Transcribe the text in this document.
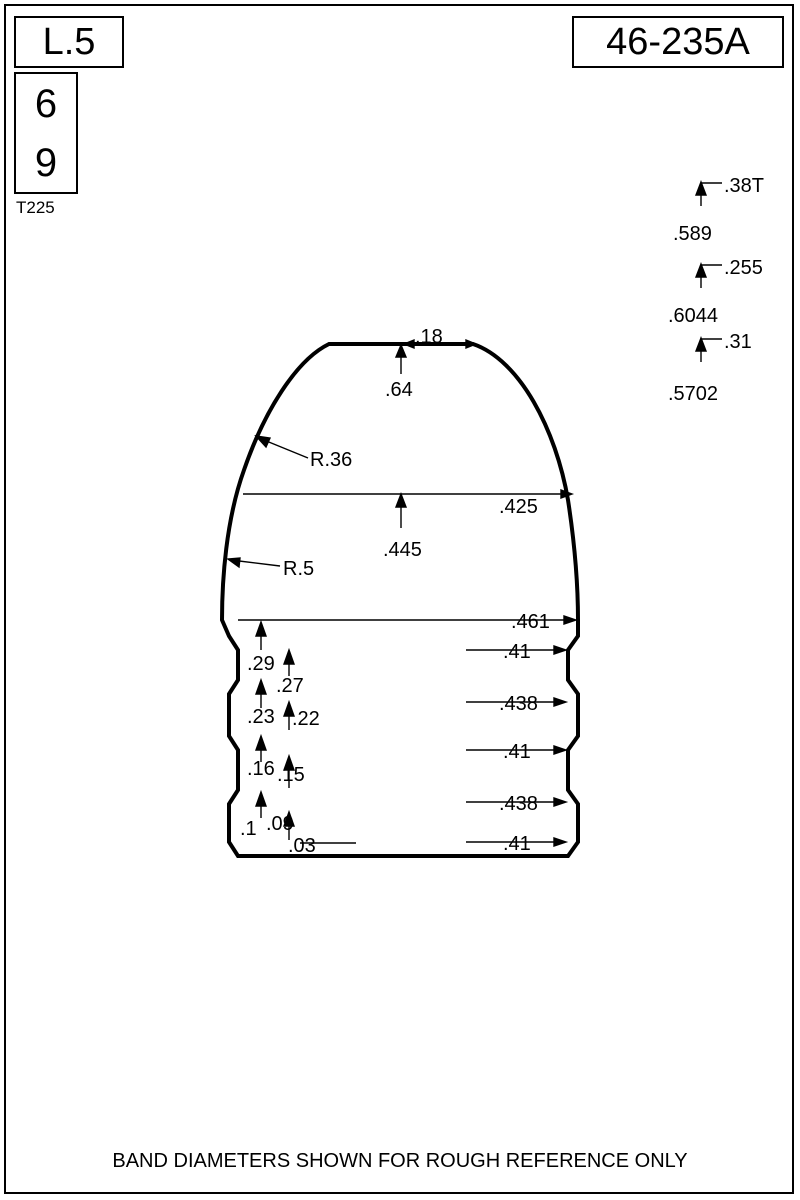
L.5	46-235A
6
9
T225
.18
.64
R.36
R.5
.425
.445
.461
.41
.438
.41
.438
.41
.29
.27
.23 .22
.16 .15
.1 .09
.03
.38T
.589
.255
.6044
.31
.5702
BAND DIAMETERS SHOWN FOR ROUGH REFERENCE ONLY
